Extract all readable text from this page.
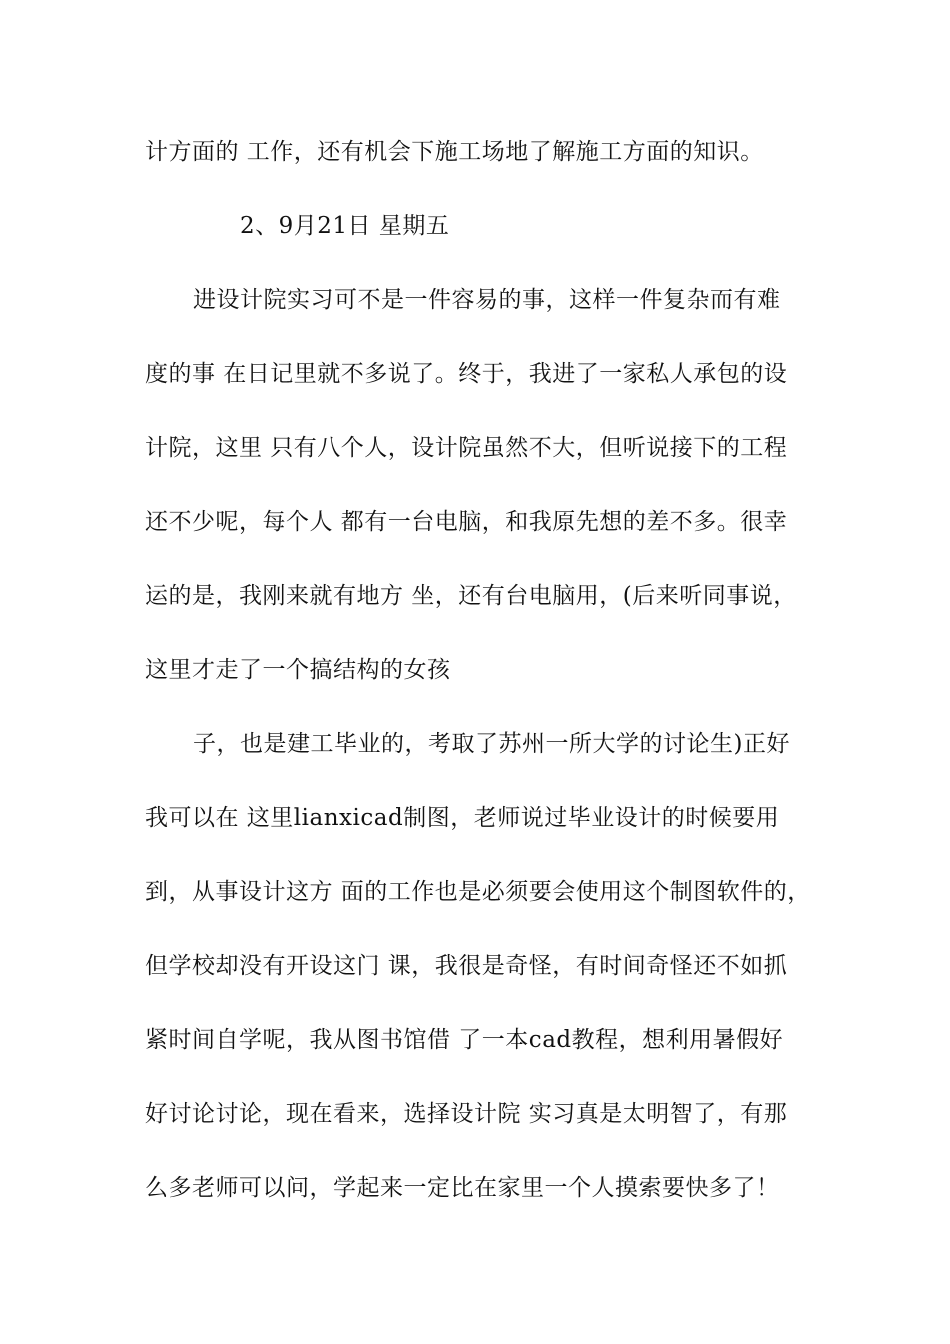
计方面的 工作，还有机会下施工场地了解施工方面的知识。
2、9月21日 星期五
进设计院实习可不是一件容易的事，这样一件复杂而有难
度的事 在日记里就不多说了。终于，我进了一家私人承包的设
计院，这里 只有八个人，设计院虽然不大，但听说接下的工程
还不少呢，每个人 都有一台电脑，和我原先想的差不多。很幸
运的是，我刚来就有地方 坐，还有台电脑用，(后来听同事说，
这里才走了一个搞结构的女孩
子，也是建工毕业的，考取了苏州一所大学的讨论生)正好
我可以在 这里lianxicad制图，老师说过毕业设计的时候要用
到，从事设计这方 面的工作也是必须要会使用这个制图软件的，
但学校却没有开设这门 课，我很是奇怪，有时间奇怪还不如抓
紧时间自学呢，我从图书馆借 了一本cad教程，想利用暑假好
好讨论讨论，现在看来，选择设计院 实习真是太明智了，有那
么多老师可以问，学起来一定比在家里一个人摸索要快多了！
